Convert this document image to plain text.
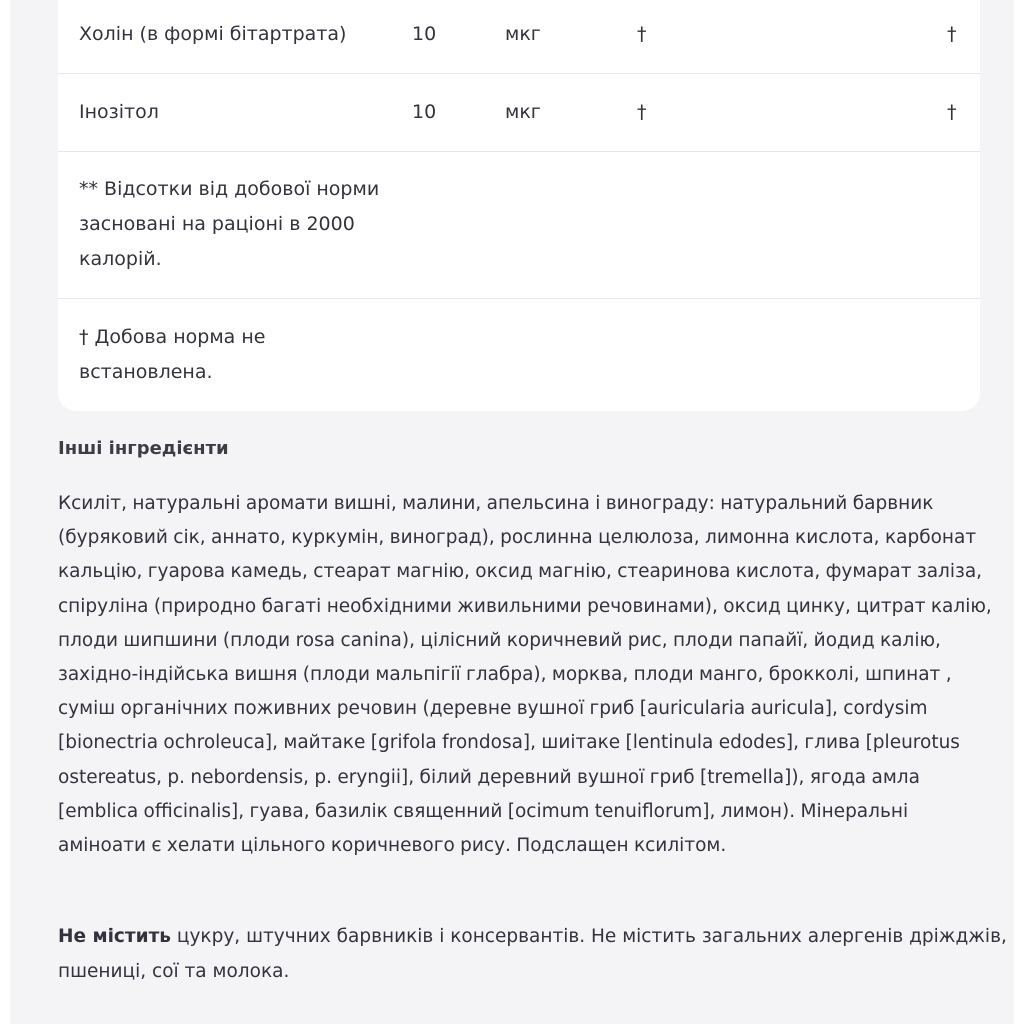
Холін (в формі бітартрата)	10	мкг	†	†
Інозітол	10	мкг	†	†
** Відсотки від добової норми
засновані на раціоні в 2000
калорій.
† Добова норма не
встановлена.
Інші інгредієнти
Ксиліт, натуральні аромати вишні, малини, апельсина і винограду: натуральний барвник
(буряковий сік, аннато, куркумін, виноград), рослинна целюлоза, лимонна кислота, карбонат
кальцію, гуарова камедь, стеарат магнію, оксид магнію, стеаринова кислота, фумарат заліза,
спіруліна (природно багаті необхідними живильними речовинами), оксид цинку, цитрат калію,
плоди шипшини (плоди rosa canina), цілісний коричневий рис, плоди папайї, йодид калію,
західно-індійська вишня (плоди мальпігії глабра), морква, плоди манго, брокколі, шпинат ,
суміш органічних поживних речовин (деревне вушної гриб [auricularia auricula], cordysim
[bionectria ochroleuca], майтаке [grifola frondosa], шиітаке [lentinula edodes], глива [pleurotus
ostereatus, p. nebordensis, p. eryngii], білий деревний вушної гриб [tremella]), ягода амла
[emblica officinalis], гуава, базилік священний [ocimum tenuiflorum], лимон). Мінеральні
аміноати є хелати цільного коричневого рису. Подслащен ксилітом.
Не містить цукру, штучних барвників і консервантів. Не містить загальних алергенів дріжджів,
пшениці, сої та молока.
